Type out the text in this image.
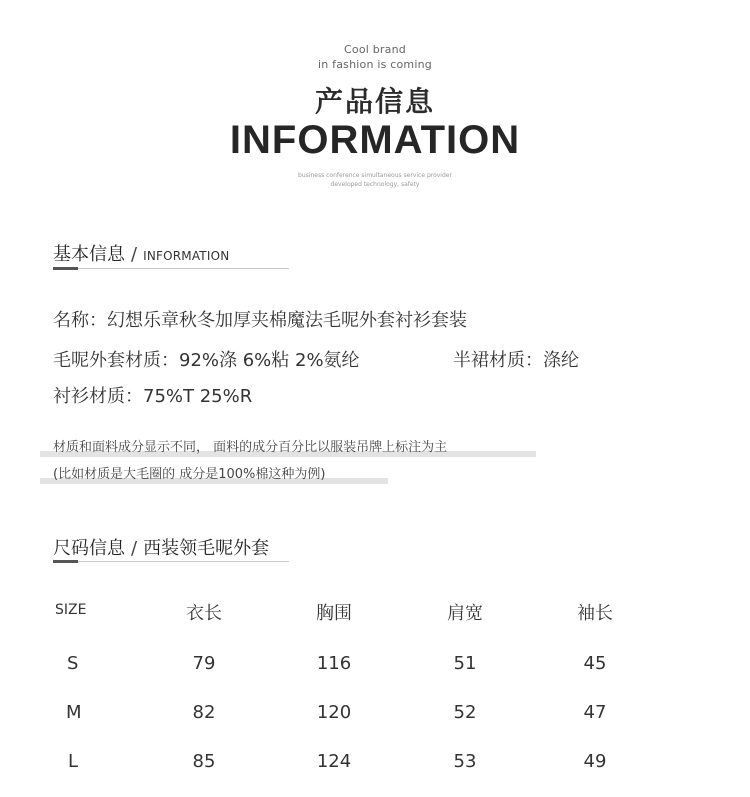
Cool brand
in fashion is coming
产品信息
INFORMATION
business conference simultaneous service provider
developed technology, safety
基本信息 / INFORMATION
名称：幻想乐章秋冬加厚夹棉魔法毛呢外套衬衫套装
毛呢外套材质：92%涤 6%粘 2%氨纶	半裙材质：涤纶
衬衫材质：75%T 25%R
材质和面料成分显示不同， 面料的成分百分比以服装吊牌上标注为主
(比如材质是大毛圈的 成分是100%棉这种为例)
尺码信息 / 西装领毛呢外套
SIZE	衣长	胸围	肩宽	袖长
S	79	116	51	45
M	82	120	52	47
L	85	124	53	49
